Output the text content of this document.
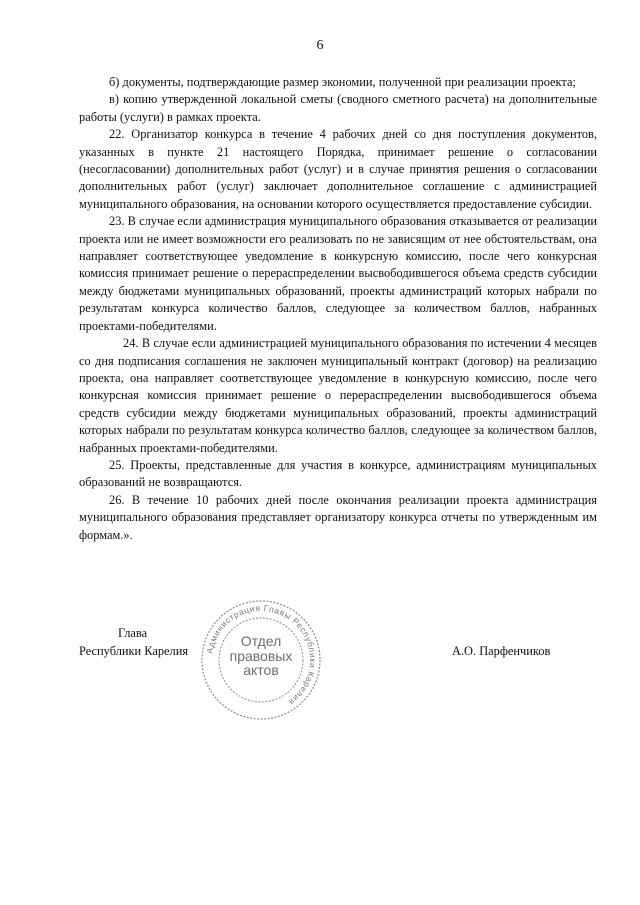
6

б) документы, подтверждающие размер экономии, полученной при реализации проекта;

в) копию утвержденной локальной сметы (сводного сметного расчета) на дополнительные работы (услуги) в рамках проекта.

22. Организатор конкурса в течение 4 рабочих дней со дня поступления документов, указанных в пункте 21 настоящего Порядка, принимает решение о согласовании (несогласовании) дополнительных работ (услуг) и в случае принятия решения о согласовании дополнительных работ (услуг) заключает дополнительное соглашение с администрацией муниципального образования, на основании которого осуществляется предоставление субсидии.

23. В случае если администрация муниципального образования отказывается от реализации проекта или не имеет возможности его реализовать по не зависящим от нее обстоятельствам, она направляет соответствующее уведомление в конкурсную комиссию, после чего конкурсная комиссия принимает решение о перераспределении высвободившегося объема средств субсидии между бюджетами муниципальных образований, проекты администраций которых набрали по результатам конкурса количество баллов, следующее за количеством баллов, набранных проектами-победителями.

24. В случае если администрацией муниципального образования по истечении 4 месяцев со дня подписания соглашения не заключен муниципальный контракт (договор) на реализацию проекта, она направляет соответствующее уведомление в конкурсную комиссию, после чего конкурсная комиссия принимает решение о перераспределении высвободившегося объема средств субсидии между бюджетами муниципальных образований, проекты администраций которых набрали по результатам конкурса количество баллов, следующее за количеством баллов, набранных проектами-победителями.

25. Проекты, представленные для участия в конкурсе, администрациям муниципальных образований не возвращаются.

26. В течение 10 рабочих дней после окончания реализации проекта администрация муниципального образования представляет организатору конкурса отчеты по утвержденным им формам.».

Глава
Республики Карелия	А.О. Парфенчиков
Администрация Главы Республики Карелия
Отдел
правовых
актов
